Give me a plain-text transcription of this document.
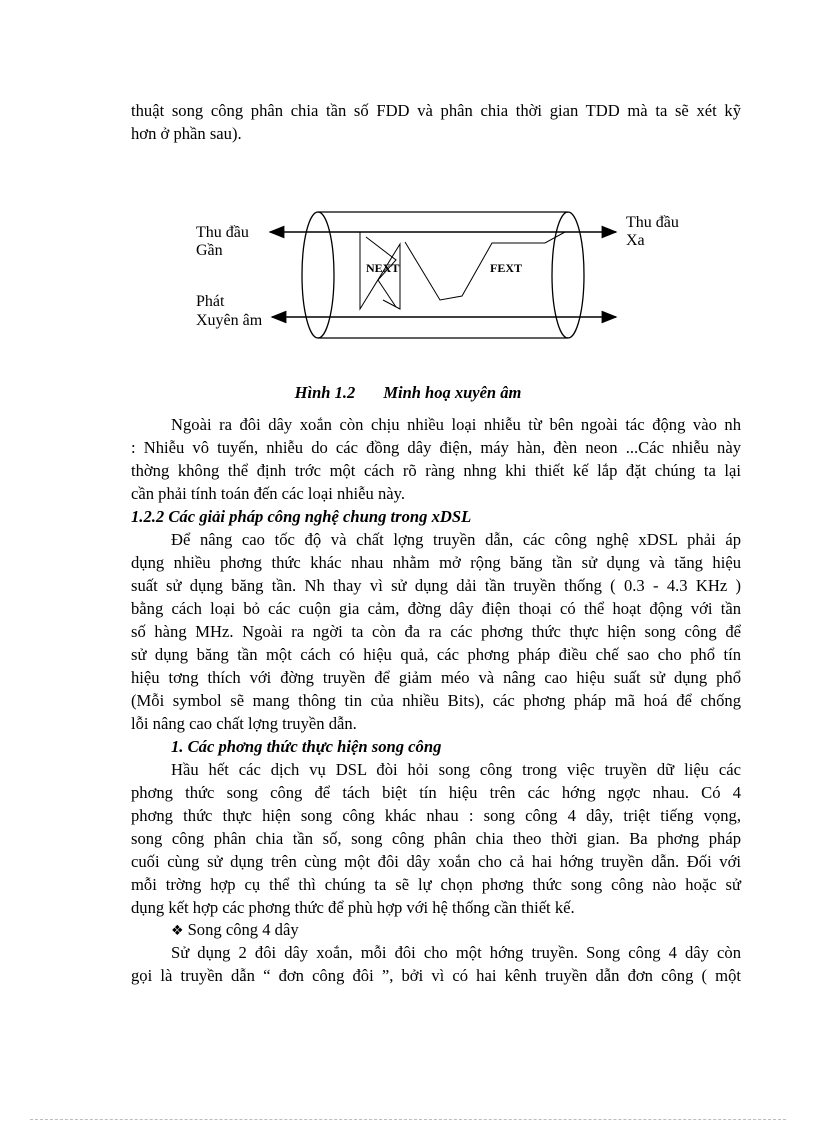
thuật song công phân chia tần số FDD và phân chia thời gian TDD mà ta sẽ xét kỹ
hơn ở phần sau).
NEXT	FEXT
Thu đầu
Gần
Thu đầu
Xa
Phát
Xuyên âm
Hình 1.2 Minh hoạ xuyên âm
Ngoài ra đôi dây xoắn còn chịu nhiều loại nhiễu từ bên ngoài tác động vào nh
: Nhiễu vô tuyến, nhiễu do các đồng dây điện, máy hàn, đèn neon ...Các nhiễu này
thờng không thể định trớc một cách rõ ràng nhng khi thiết kế lắp đặt chúng ta lại
cần phải tính toán đến các loại nhiễu này.
1.2.2 Các giải pháp công nghệ chung trong xDSL
Để nâng cao tốc độ và chất lợng truyền dẫn, các công nghệ xDSL phải áp
dụng nhiều phơng thức khác nhau nhằm mở rộng băng tần sử dụng và tăng hiệu
suất sử dụng băng tần. Nh thay vì sử dụng dải tần truyền thống ( 0.3 - 4.3 KHz )
bằng cách loại bỏ các cuộn gia cảm, đờng dây điện thoại có thể hoạt động với tần
số hàng MHz. Ngoài ra ngời ta còn đa ra các phơng thức thực hiện song công để
sử dụng băng tần một cách có hiệu quả, các phơng pháp điều chế sao cho phổ tín
hiệu tơng thích với đờng truyền để giảm méo và nâng cao hiệu suất sử dụng phổ
(Mỗi symbol sẽ mang thông tin của nhiều Bits), các phơng pháp mã hoá để chống
lỗi nâng cao chất lợng truyền dẫn.
1. Các phơng thức thực hiện song công
Hầu hết các dịch vụ DSL đòi hỏi song công trong việc truyền dữ liệu các
phơng thức song công để tách biệt tín hiệu trên các hớng ngợc nhau. Có 4
phơng thức thực hiện song công khác nhau : song công 4 dây, triệt tiếng vọng,
song công phân chia tần số, song công phân chia theo thời gian. Ba phơng pháp
cuối cùng sử dụng trên cùng một đôi dây xoắn cho cả hai hớng truyền dẫn. Đối với
mỗi trờng hợp cụ thể thì chúng ta sẽ lự chọn phơng thức song công nào hoặc sử
dụng kết hợp các phơng thức để phù hợp với hệ thống cần thiết kế.
❖ Song công 4 dây
Sử dụng 2 đôi dây xoắn, mỗi đôi cho một hớng truyền. Song công 4 dây còn
gọi là truyền dẫn “ đơn công đôi ”, bởi vì có hai kênh truyền dẫn đơn công ( một
